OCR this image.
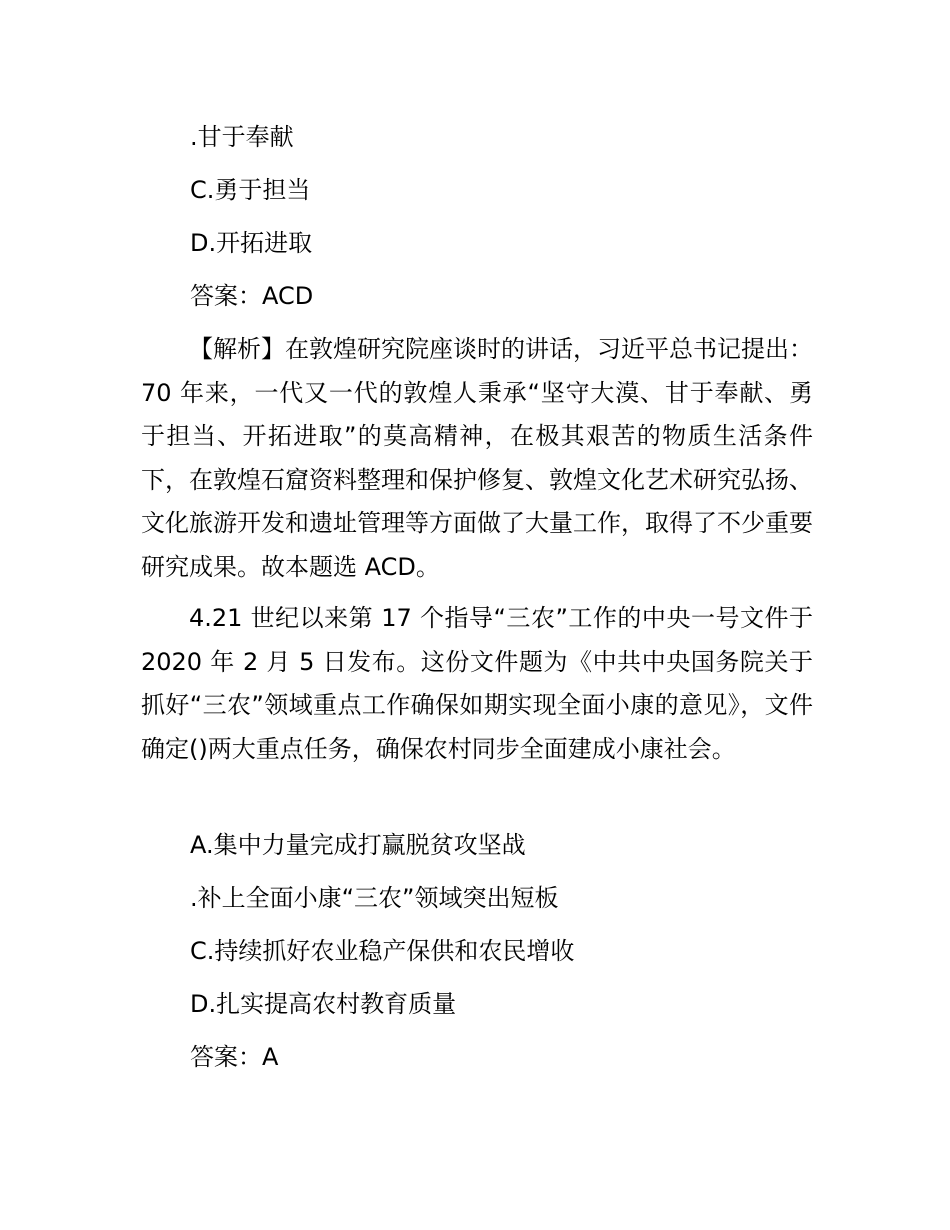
.甘于奉献
C.勇于担当
D.开拓进取
答案：ACD

【解析】在敦煌研究院座谈时的讲话，习近平总书记提出：70 年来，一代又一代的敦煌人秉承“坚守大漠、甘于奉献、勇于担当、开拓进取”的莫高精神，在极其艰苦的物质生活条件下，在敦煌石窟资料整理和保护修复、敦煌文化艺术研究弘扬、文化旅游开发和遗址管理等方面做了大量工作，取得了不少重要研究成果。故本题选 ACD。

4.21 世纪以来第 17 个指导“三农”工作的中央一号文件于 2020 年 2 月 5 日发布。这份文件题为《中共中央国务院关于抓好“三农”领域重点工作确保如期实现全面小康的意见》，文件确定()两大重点任务，确保农村同步全面建成小康社会。

A.集中力量完成打赢脱贫攻坚战
.补上全面小康“三农”领域突出短板
C.持续抓好农业稳产保供和农民增收
D.扎实提高农村教育质量
答案：A
